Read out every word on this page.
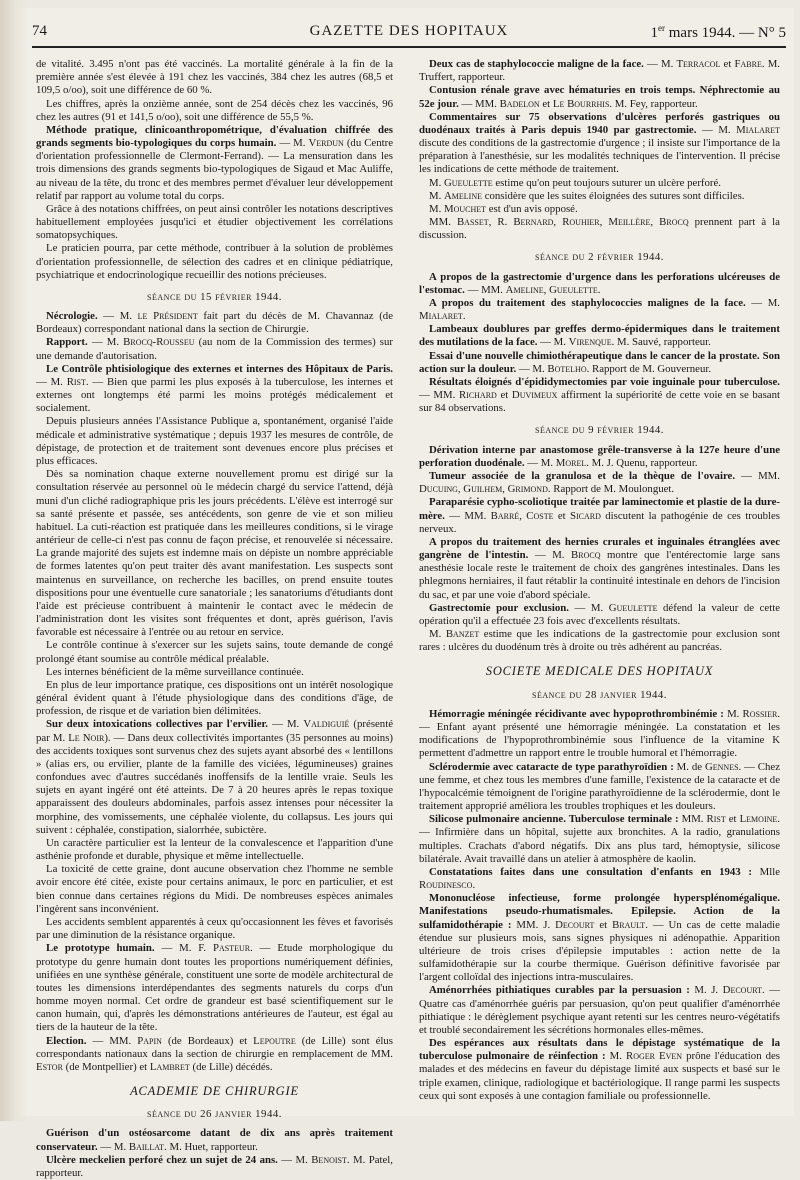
74	GAZETTE DES HOPITAUX	1er mars 1944. — N° 5

de vitalité. 3.495 n'ont pas été vaccinés. La mortalité générale à la fin de la première année s'est élevée à 191 chez les vaccinés, 384 chez les autres (68,5 et 109,5 o/oo), soit une différence de 60 %.

Les chiffres, après la onzième année, sont de 254 décès chez les vaccinés, 96 chez les autres (91 et 141,5 o/oo), soit une différence de 55,5 %.

Méthode pratique, clinicoanthropométrique, d'évaluation chiffrée des grands segments bio-typologiques du corps humain. — M. Verdun (du Centre d'orientation professionnelle de Clermont-Ferrand). — La mensuration dans les trois dimensions des grands segments bio-typologiques de Sigaud et Mac Auliffe, au niveau de la tête, du tronc et des membres permet d'évaluer leur développement relatif par rapport au volume total du corps.

Grâce à des notations chiffrées, on peut ainsi contrôler les notations descriptives habituellement employées jusqu'ici et étudier objectivement les corrélations somatopsychiques.

Le praticien pourra, par cette méthode, contribuer à la solution de problèmes d'orientation professionnelle, de sélection des cadres et en clinique pédiatrique, psychiatrique et endocrinologique recueillir des notions précieuses.

séance du 15 février 1944.

Nécrologie. — M. le Président fait part du décès de M. Chavannaz (de Bordeaux) correspondant national dans la section de Chirurgie.

Rapport. — M. Brocq-Rousseu (au nom de la Commission des termes) sur une demande d'autorisation.

Le Contrôle phtisiologique des externes et internes des Hôpitaux de Paris. — M. Rist. — Bien que parmi les plus exposés à la tuberculose, les internes et externes ont longtemps été parmi les moins protégés médicalement et socialement.

Depuis plusieurs années l'Assistance Publique a, spontanément, organisé l'aide médicale et administrative systématique ; depuis 1937 les mesures de contrôle, de dépistage, de protection et de traitement sont devenues encore plus précises et plus efficaces.

Dès sa nomination chaque externe nouvellement promu est dirigé sur la consultation réservée au personnel où le médecin chargé du service l'attend, déjà muni d'un cliché radiographique pris les jours précédents. L'élève est interrogé sur sa santé présente et passée, ses antécédents, son genre de vie et son milieu habituel. La cuti-réaction est pratiquée dans les meilleures conditions, si le virage antérieur de celle-ci n'est pas connu de façon précise, et renouvelée si nécessaire. La grande majorité des sujets est indemne mais on dépiste un nombre appréciable de formes latentes qu'on peut traiter dès avant manifestation. Les suspects sont maintenus en surveillance, on recherche les bacilles, on prend ensuite toutes dispositions pour une éventuelle cure sanatoriale ; les sanatoriums d'étudiants dont l'aide est précieuse contribuent à maintenir le contact avec le médecin de l'administration dont les visites sont fréquentes et dont, après guérison, l'avis favorable est nécessaire à l'entrée ou au retour en service.

Le contrôle continue à s'exercer sur les sujets sains, toute demande de congé prolongé étant soumise au contrôle médical préalable.

Les internes bénéficient de la même surveillance continuée.

En plus de leur importance pratique, ces dispositions ont un intérêt nosologique général évident quant à l'étude physiologique dans des conditions d'âge, de profession, de risque et de variation bien délimitées.

Sur deux intoxications collectives par l'ervilier. — M. Valdiguié (présenté par M. Le Noir). — Dans deux collectivités importantes (35 personnes au moins) des accidents toxiques sont survenus chez des sujets ayant absorbé des « lentillons » (alias ers, ou ervilier, plante de la famille des viciées, légumineuses) graines confondues avec d'autres succédanés inoffensifs de la lentille vraie. Seuls les sujets en ayant ingéré ont été atteints. De 7 à 20 heures après le repas toxique apparaissent des douleurs abdominales, parfois assez intenses pour nécessiter la morphine, des vomissements, une céphalée violente, du collapsus. Les jours qui suivent : céphalée, constipation, sialorrhée, subictère.

Un caractère particulier est la lenteur de la convalescence et l'apparition d'une asthénie profonde et durable, physique et même intellectuelle.

La toxicité de cette graine, dont aucune observation chez l'homme ne semble avoir encore été citée, existe pour certains animaux, le porc en particulier, et est bien connue dans certaines régions du Midi. De nombreuses espèces animales l'ingèrent sans inconvénient.

Les accidents semblent apparentés à ceux qu'occasionnent les fèves et favorisés par une diminution de la résistance organique.

Le prototype humain. — M. F. Pasteur. — Etude morphologique du prototype du genre humain dont toutes les proportions numériquement définies, unifiées en une synthèse générale, constituent une sorte de modèle architectural de toutes les dimensions interdépendantes des segments naturels du corps d'un homme moyen normal. Cet ordre de grandeur est basé scientifiquement sur le canon humain, qui, d'après les démonstrations antérieures de l'auteur, est égal au tiers de la hauteur de la tête.

Election. — MM. Papin (de Bordeaux) et Lepoutre (de Lille) sont élus correspondants nationaux dans la section de chirurgie en remplacement de MM. Estor (de Montpellier) et Lambret (de Lille) décédés.

ACADEMIE DE CHIRURGIE
séance du 26 janvier 1944.

Guérison d'un ostéosarcome datant de dix ans après traitement conservateur. — M. Baillat. M. Huet, rapporteur.

Ulcère meckelien perforé chez un sujet de 24 ans. — M. Benoist. M. Patel, rapporteur.

Deux cas de staphylococcie maligne de la face. — M. Terracol et Fabre. M. Truffert, rapporteur.

Contusion rénale grave avec hématuries en trois temps. Néphrectomie au 52e jour. — MM. Badelon et Le Bourrhis. M. Fey, rapporteur.

Commentaires sur 75 observations d'ulcères perforés gastriques ou duodénaux traités à Paris depuis 1940 par gastrectomie. — M. Mialaret discute des conditions de la gastrectomie d'urgence ; il insiste sur l'importance de la préparation à l'anesthésie, sur les modalités techniques de l'intervention. Il précise les indications de cette méthode de traitement.

M. Gueulette estime qu'on peut toujours suturer un ulcère perforé.

M. Ameline considère que les suites éloignées des sutures sont difficiles.

M. Mouchet est d'un avis opposé.

MM. Basset, R. Bernard, Rouhier, Meillère, Brocq prennent part à la discussion.

séance du 2 février 1944.

A propos de la gastrectomie d'urgence dans les perforations ulcéreuses de l'estomac. — MM. Ameline, Gueulette.

A propos du traitement des staphylococcies malignes de la face. — M. Mialaret.

Lambeaux doublures par greffes dermo-épidermiques dans le traitement des mutilations de la face. — M. Virenque. M. Sauvé, rapporteur.

Essai d'une nouvelle chimiothérapeutique dans le cancer de la prostate. Son action sur la douleur. — M. Botelho. Rapport de M. Gouverneur.

Résultats éloignés d'épididymectomies par voie inguinale pour tuberculose. — MM. Richard et Duvimeux affirment la supériorité de cette voie en se basant sur 84 observations.

séance du 9 février 1944.

Dérivation interne par anastomose grêle-transverse à la 127e heure d'une perforation duodénale. — M. Morel. M. J. Quenu, rapporteur.

Tumeur associée de la granulosa et de la thèque de l'ovaire. — MM. Ducuing, Guilhem, Grimond. Rapport de M. Moulonguet.

Paraparésie cypho-scoliotique traitée par laminectomie et plastie de la dure-mère. — MM. Barré, Coste et Sicard discutent la pathogénie de ces troubles nerveux.

A propos du traitement des hernies crurales et inguinales étranglées avec gangrène de l'intestin. — M. Brocq montre que l'entérectomie large sans anesthésie locale reste le traitement de choix des gangrènes intestinales. Dans les phlegmons herniaires, il faut rétablir la continuité intestinale en dehors de l'incision du sac, et par une voie d'abord spéciale.

Gastrectomie pour exclusion. — M. Gueulette défend la valeur de cette opération qu'il a effectuée 23 fois avec d'excellents résultats.

M. Banzet estime que les indications de la gastrectomie pour exclusion sont rares : ulcères du duodénum très à droite ou très adhérent au pancréas.

SOCIETE MEDICALE DES HOPITAUX
séance du 28 janvier 1944.

Hémorragie méningée récidivante avec hypoprothrombinémie : M. Rossier. — Enfant ayant présenté une hémorragie méningée. La constatation et les modifications de l'hypoprothrombinémie sous l'influence de la vitamine K permettent d'admettre un rapport entre le trouble humoral et l'hémorragie.

Sclérodermie avec cataracte de type parathyroïdien : M. de Gennes. — Chez une femme, et chez tous les membres d'une famille, l'existence de la cataracte et de l'hypocalcémie témoignent de l'origine parathyroïdienne de la sclérodermie, dont le traitement approprié améliora les troubles trophiques et les douleurs.

Silicose pulmonaire ancienne. Tuberculose terminale : MM. Rist et Lemoine. — Infirmière dans un hôpital, sujette aux bronchites. A la radio, granulations multiples. Crachats d'abord négatifs. Dix ans plus tard, hémoptysie, silicose bilatérale. Avait travaillé dans un atelier à atmosphère de kaolin.

Constatations faites dans une consultation d'enfants en 1943 : Mlle Roudinesco.

Mononucléose infectieuse, forme prolongée hypersplénomégalique. Manifestations pseudo-rhumatismales. Epilepsie. Action de la sulfamidothérapie : MM. J. Decourt et Brault. — Un cas de cette maladie étendue sur plusieurs mois, sans signes physiques ni adénopathie. Apparition ultérieure de trois crises d'épilepsie imputables : action nette de la sulfamidothérapie sur la courbe thermique. Guérison définitive favorisée par l'argent colloïdal des injections intra-musculaires.

Aménorrhées pithiatiques curables par la persuasion : M. J. Decourt. — Quatre cas d'aménorrhée guéris par persuasion, qu'on peut qualifier d'aménorrhée pithiatique : le dérèglement psychique ayant retenti sur les centres neuro-végétatifs et troublé secondairement les sécrétions hormonales elles-mêmes.

Des espérances aux résultats dans le dépistage systématique de la tuberculose pulmonaire de réinfection : M. Roger Even prône l'éducation des malades et des médecins en faveur du dépistage limité aux suspects et basé sur le triple examen, clinique, radiologique et bactériologique. Il range parmi les suspects ceux qui sont exposés à une contagion familiale ou professionnelle.
